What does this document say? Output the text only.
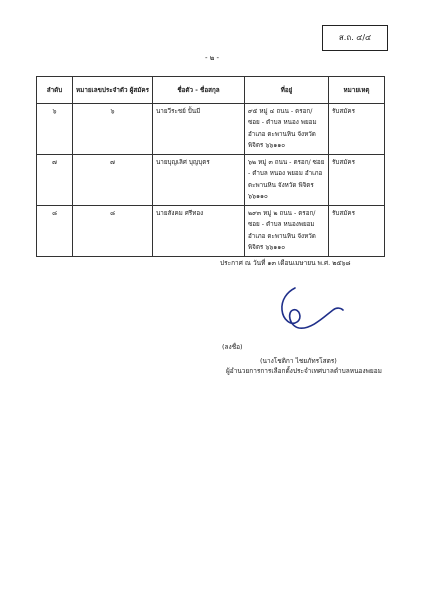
ส.ถ. ๔/๔
- ๒ -
ลำดับ	หมายเลขประจำตัว ผู้สมัคร	ชื่อตัว - ชื่อสกุล	ที่อยู่	หมายเหตุ
๖	๖	นายวีระชย์ ปั้นมี	๙๕ หมู่ ๔ ถนน - ตรอก/ ซอย - ตำบล หนอง พยอม อำเภอ ตะพานหิน จังหวัด พิจิตร ๖๖๑๑๐	รับสมัคร
๗	๗	นายบุญเลิศ บุญบุตร	๖๒ หมู่ ๓ ถนน - ตรอก/ ซอย - ตำบล หนอง พยอม อำเภอ ตะพานหิน จังหวัด พิจิตร ๖๖๑๑๐	รับสมัคร
๘	๘	นายสังคม ศรีทอง	๒๙๓ หมู่ ๒ ถนน - ตรอก/ซอย - ตำบล หนองพยอม อำเภอ ตะพานหิน จังหวัด พิจิตร ๖๖๑๑๐	รับสมัคร
ประกาศ ณ วันที่ ๑๓ เดือนเมษายน พ.ศ. ๒๕๖๘
(ลงชื่อ)
(นางโชติกา ไชยภัทรโสตร)
ผู้อำนวยการการเลือกตั้งประจำเทศบาลตำบลหนองพยอม
